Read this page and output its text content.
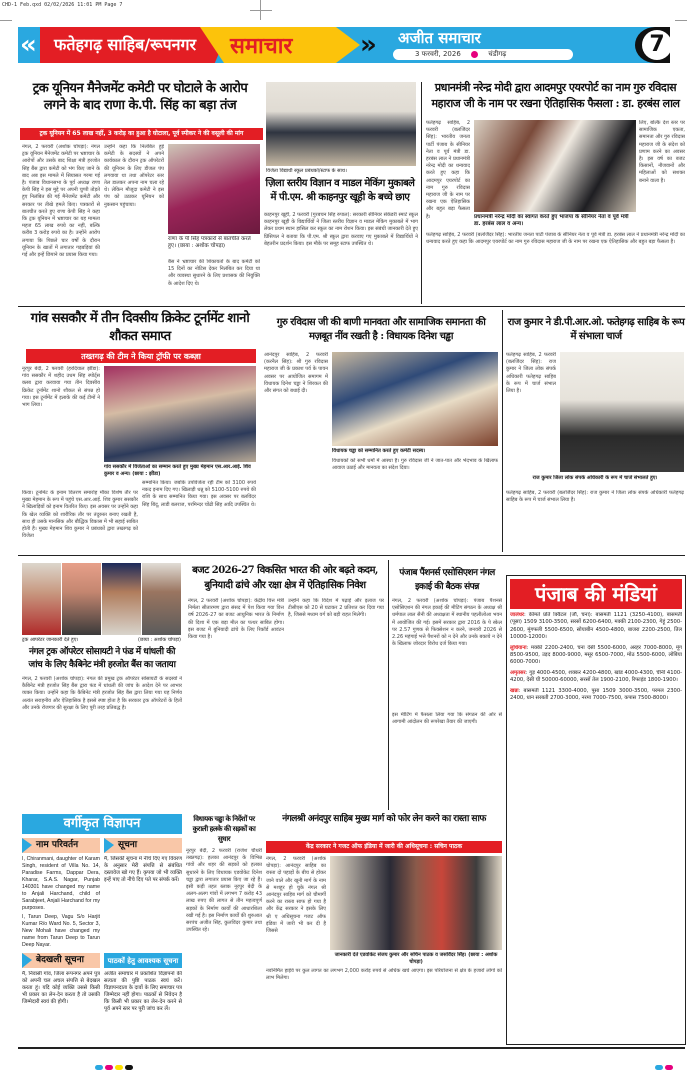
CHD-1 Feb.qxd 02/02/2026 11:01 PM Page 7
« फतेहगढ़ साहिब/रूपनगर समाचार	» अजीत समाचार
3 फरवरी, 2026	चंडीगढ़	7
ट्रक यूनियन मैनेजमेंट कमेटी पर घोटाले के आरोप लगने के बाद राणा के.पी. सिंह का बड़ा तंज
ट्रक यूनियन में 65 लाख नहीं, 3 करोड़ का हुआ है घोटाला, पूर्व स्पीकर ने की वसूली की मांग
नंगल, 2 फरवरी (अशोक चोपड़ा): नंगल ट्रक यूनियन मैनेजमेंट कमेटी पर भ्रष्टाचार के आरोपों और उसके बाद शिक्षा मंत्री हरजोत सिंह बैंस द्वारा कमेटी को भंग किए जाने के बाद अब इस मामले में सियासत गरमा गई है। पंजाब विधानसभा के पूर्व अध्यक्ष राणा केपी सिंह ने इस मुद्दे पर अपनी चुप्पी तोड़ते हुए निलंबित की गई मैनेजमेंट कमेटी और सरकार पर तीखे हमले किए। पत्रकारों से बातचीत करते हुए राणा केपी सिंह ने कहा कि ट्रक यूनियन में भ्रष्टाचार का यह मामला महज 65 लाख रुपये का नहीं, बल्कि करीब 3 करोड़ रुपये का है। उन्होंने आरोप लगाया कि पिछले चार वर्षों के दौरान यूनियन के खातों में लगातार गड़बड़ियां की गई और इन्हें छिपाने का प्रयास किया गया।
उन्होंने कहा कि निलंबित हुई कमेटी के सदस्यों ने अपने कार्यकाल के दौरान ट्रक ऑपरेटरों की यूनियन के लिए डीजल पंप लगवाया था तथा ऑपरेटर स्तर तेल डालकर अपना नाम चला रहे थे। लेकिन मौजूदा कमेटी ने इस पंप को उठाकर यूनियन को नुकसान पहुंचाया।
राणा के पी सिंह पत्रकारों से बातचीत करते हुए। (छाया : अशोक चोपड़ा)
बैंस ने भ्रष्टाचार की शिकायतों के बाद कमेटी को 15 दिनों का नोटिस देकर निलंबित कर दिया था और व्यवस्था सुधारने के लिए प्रशासक की नियुक्ति के आदेश दिए थे।
विजेता विद्यार्थी स्कूल प्रबंधकों/स्टाफ के साथ।
ज़िला स्तरीय विज्ञान व माडल मेकिंग मुकाबले में पी.एम. श्री काहनपुर खूही के बच्चे छाए
काहनपुर खूही, 2 फरवरी (गुरबचन सिंह रुपाल): सरकारी सीनियर सेकेंडरी स्मार्ट स्कूल काहनपुर खूही के विद्यार्थियों ने जिला स्तरीय विज्ञान व माडल मेकिंग मुकाबले में भाग लेकर प्रथम स्थान हासिल कर स्कूल का नाम रोशन किया। इस संबंधी जानकारी देते हुए प्रिंसिपल ने बताया कि पी.एम. श्री स्कूल द्वारा करवाए गए मुकाबले में विद्यार्थियों ने बेहतरीन प्रदर्शन किया। इस मौके पर समूह स्टाफ उपस्थित थे।
प्रधानमंत्री नरेन्द्र मोदी द्वारा आदमपुर एयरपोर्ट का नाम गुरु रविदास महाराज जी के नाम पर रखना ऐतिहासिक फैसला : डा. हरबंस लाल
फतेहगढ़ साहिब, 2 फरवरी (बलजिंदर सिंह): भारतीय जनता पार्टी पंजाब के सीनियर नेता व पूर्व मंत्री डा. हरबंस लाल ने प्रधानमंत्री नरेन्द्र मोदी का धन्यवाद करते हुए कहा कि आदमपुर एयरपोर्ट का नाम गुरु रविदास महाराज जी के नाम पर रखना एक ऐतिहासिक और बहुत बड़ा फैसला है।	प्रधानमंत्री नरेन्द्र मोदी का स्वागत करते हुए भाजपा के सीनियर नेता व पूर्व मंत्री डा. हरबंस लाल व अन्य।
लिए, बल्कि देश स्तर पर सामाजिक एकता, समानता और गुरु रविदास महाराज जी के संदेश को प्रणाम करने का अवसर है। इस वर्ष का बजट किसानों, नौजवानों और महिलाओं को सशक्त बनाने वाला है।
फतेहगढ़ साहिब, 2 फरवरी (बलजिंदर सिंह): भारतीय जनता पार्टी पंजाब के सीनियर नेता व पूर्व मंत्री डा. हरबंस लाल ने प्रधानमंत्री नरेन्द्र मोदी का धन्यवाद करते हुए कहा कि आदमपुर एयरपोर्ट का नाम गुरु रविदास महाराज जी के नाम पर रखना एक ऐतिहासिक और बहुत बड़ा फैसला है।
गांव ससकौर में तीन दिवसीय क्रिकेट टूर्नामेंट शानो शौकत समाप्त
तख्तगढ़ की टीम ने किया ट्रॉफी पर कब्ज़ा
नूरपुर बेदी, 2 फरवरी (हरदियाल झींडा): गांव ससकौर में शहीद उधम सिंह स्पोर्ट्स क्लब द्वारा करवाया गया तीन दिवसीय क्रिकेट टूर्नामेंट शानो शौकत से संपन्न हो गया। इस टूर्नामेंट में इलाके की कई टीमों ने भाग लिया।
गांव ससकौर में विजेताओं का सम्मान करते हुए मुख्य मेहमान एस.आर.आई. शिव कुमार व अन्य। (छाया : झींडा)
किया। टूर्नामेंट के इनाम वितरण समारोह मौका विशेष तौर पर मुख्य मेहमान के रूप में पहुंचे एस.आर.आई. शिव कुमार ससकौर ने खिलाड़ियों को इनाम वितरित किए। इस अवसर पर उन्होंने कहा कि खेल व्यक्ति को शारीरिक तौर पर तंदुरुस्त बनाए रखती है, साथ ही उसके मानसिक और बौद्धिक विकास में भी सहाई साबित होती है। मुख्य मेहमान शिव कुमार ने प्रबंधकों द्वारा तख्तगढ़ को विजेता
सम्मानित किया। जबकि उपविजेता रही टीम को 3100 रुपये नकद इनाम दिए गए। खिलाड़ी धन्नू को 5100-5100 रुपये की राशि के साथ सम्मानित किया गया। इस अवसर पर बलविंदर सिंह बिंदू, लाडी बलराज, परमिन्दर चोंढी सिंह आदि उपस्थित थे।
गुरु रविदास जी की बाणी मानवता और सामाजिक समानता की मज़बूत नींव रखती है : विधायक दिनेश चड्ढा
आनंदपुर साहिब, 2 फरवरी (करनैल सिंह): श्री गुरु रविदास महाराज जी के प्रकाश पर्व के पावन अवसर पर आयोजित समागम में विधायक दिनेश चड्ढा ने शिरकत की और संगत को बधाई दी।
विधायक चड्ढा को सम्मानित करते हुए कमेटी सदस्य।
विधायकों को सभी धर्मों में आस्था है। गुरु रविदास जी ने जात-पात और भेदभाव के खिलाफ आवाज उठाई और मानवता का संदेश दिया।
राज कुमार ने डी.पी.आर.ओ. फतेहगढ़ साहिब के रूप में संभाला चार्ज
फतेहगढ़ साहिब, 2 फरवरी (बलजिंदर सिंह): राज कुमार ने जिला लोक संपर्क अधिकारी फतेहगढ़ साहिब के रूप में चार्ज संभाल लिया है।
राज कुमार जिला लोक संपर्क अधिकारी के रूप में चार्ज संभालते हुए।
फतेहगढ़ साहिब, 2 फरवरी (बलजिंदर सिंह): राज कुमार ने जिला लोक संपर्क अधिकारी फतेहगढ़ साहिब के रूप में चार्ज संभाल लिया है।
ट्रक आपरेटर जानकारी देते हुए।	(छाया : अशोक चोपड़ा)
नंगल ट्रक ऑपरेटर सोसायटी ने फंड में धांधली की जांच के लिए कैबिनेट मंत्री हरजोत बैंस का जताया
नंगल, 2 फरवरी (अशोक चोपड़ा): नंगल की प्रमुख ट्रक ऑपरेटर सोसायटी के सदस्यों ने कैबिनेट मंत्री हरजोत सिंह बैंस द्वारा फंड में धांधली की जांच के आदेश देने पर आभार व्यक्त किया। उन्होंने कहा कि कैबिनेट मंत्री हरजोत सिंह बैंस द्वारा लिया गया यह निर्णय अत्यंत सराहनीय और ऐतिहासिक है इससे स्पष्ट होता है कि सरकार ट्रक ऑपरेटरों के हितों और उनके रोजगार की सुरक्षा के लिए पूरी तरह प्रतिबद्ध है।
बजट 2026-27 विकसित भारत की ओर बढ़ते कदम, बुनियादी ढांचे और रक्षा क्षेत्र में ऐतिहासिक निवेश
नंगल, 2 फरवरी (अशोक चोपड़ा): केंद्रीय वित्त मंत्री निर्मला सीतारमण द्वारा संसद में पेश किया गया वित्त वर्ष 2026-27 का बजट आधुनिक भारत के निर्माण की दिशा में एक बड़ा मील का पत्थर साबित होगा। इस बजट में बुनियादी ढांचे के लिए रिकॉर्ड आवंटन किया गया है।
उन्होंने कहा कि विदेश में पढ़ाई और इलाज पर टीसीएस को 20 से घटाकर 2 प्रतिशत कर दिया गया है, जिससे मध्यम वर्ग को बड़ी राहत मिलेगी।
पंजाब पैंशनर्स एसोसिएशन नंगल इकाई की बैठक संपन्न
नंगल, 2 फरवरी (अशोक चोपड़ा): पंजाब पैंशनर्स एसोसिएशन की नंगल इकाई की मीटिंग संगठन के अध्यक्ष श्री धर्मपाल लाल सैनी की अध्यक्षता में स्थानीय पहलीलोआ भवन में आयोजित की गई। इसमें सरकार द्वारा 2016 के पे स्केल पर 2.57 गुणक से फिक्सेशन न करने, जनवरी 2026 से 2.26 महंगाई भत्ते पैंशनरों को न देने और उनके बकाये न देने के खिलाफ जोरदार विरोध दर्ज किया गया।
इस मीटिंग में फैसला लिया गया कि संगठन की ओर से आगामी आंदोलन की रूपरेखा तैयार की जाएगी।
पंजाब की मंडियां
जालंधर: कीमतें प्रति क्विंटल (जौ, चना): बासमती 1121 (3250-4100), बासमती (पूसा) 1509 3100-3500, सरसों 6200-6400, मक्की 2100-2300, गेहूं 2500-2600, मूंगफली 5500-6500, सोयाबीन 4500-4800, बाजरा 2200-2500, तिल 10000-12000।
लुधियाना: मक्की 2200-2400, चना देसी 5500-6000, अरहर 7000-8000, मूंग 8500-9500, उड़द 8000-9000, मसूर 6500-7000, मोठ 5500-6000, लोबिया 6000-7000।
अमृतसर: गुड़ 4000-4500, शक्कर 4200-4800, खांड 4000-4300, चीनी 4100-4200, देसी घी 50000-60000, सरसों तेल 1900-2100, रिफाइंड 1800-1900।
खन्ना: बासमती 1121 3300-4000, पूसा 1509 3000-3500, परमल 2300-2400, धान सरबती 2700-3000, नरमा 7000-7500, कपास 7500-8000।
वर्गीकृत विज्ञापन
नाम परिवर्तन
I, Chiranmani, daughter of Karam Singh, resident of Villa No. 14, Paradise Farms, Dappar Dera, Kharar, S.A.S. Nagar, Punjab 140301 have changed my name to Anjali Harchand, child of Sarabjeet, Anjali Harchand for my purposes.
I, Tarun Deep, Vagu S/o Harjit Kumar R/o Ward No. 5, Sector 3, New Mohali have changed my name from Tarun Deep to Tarun Deep Nayar.
सूचना
मैं, जिसकी सूचना में नीचे दिए गए विवरण के अनुसार मेरी संपत्ति से संबंधित दस्तावेज खो गए हैं। कृपया जो भी व्यक्ति इन्हें पाए तो नीचे दिए पते पर संपर्क करें।
बेदखली सूचना
मैं, निवासी गांव, जिला रूपनगर अपने पुत्र को अपनी चल अचल संपत्ति से बेदखल करता हूं। यदि कोई व्यक्ति उससे किसी भी प्रकार का लेन-देन करता है तो उसकी जिम्मेदारी स्वयं की होगी।
पाठकों हेतु आवश्यक सूचना
अजीत समाचार में प्रकाशित विज्ञापनों की सत्यता की पुष्टि पाठक स्वयं करें। विज्ञापनदाता के दावों के लिए समाचार पत्र जिम्मेदार नहीं होगा। पाठकों से निवेदन है कि किसी भी प्रकार का लेन-देन करने से पूर्व अपने स्तर पर पूरी जांच कर लें।
विधायक चड्ढा के निर्देशों पर कुराली हलके की सड़कों का सुधार
नूरपुर बेदी, 2 फरवरी (राजेश चौधरी तख्तगढ़): हलका आनंदपुर के विभिन्न गांवों और शहर की सड़कों को हलका सुधारने के लिए विधायक एडवोकेट दिनेश चड्ढा द्वारा लगातार प्रयास किए जा रहे हैं। इसी कड़ी तहत ब्लाक नूरपुर बेदी के अलग-अलग गांवों में लगभग 7 करोड़ 43 लाख रुपए की लागत से तीन महत्वपूर्ण सड़कों के निर्माण कार्यों की आधारशिला रखी गई है। इस निर्माण कार्यों की शुरुआत सरपंच अजीत सिंह, कुलविंदर कुमार तथा उपस्थित रहे।
नंगलश्री अनंदपुर साहिब मुख्य मार्ग को फोर लेन करने का रास्ता साफ
केंद्र सरकार ने गजट ऑफ इंडिया में जारी की अधिसूचना : सचिन पाठक
नंगल, 2 फरवरी (अशोक चोपड़ा): आनंदपुर साहिब का रास्ता दो पहाड़ों के बीच से होकर जाने वाले और खूनी मार्ग के नाम से मशहूर हो चुके नंगल श्री आनंदपुर साहिब मार्ग को चौमार्गी करने का रास्ता साफ हो गया है और केंद्र सरकार ने इसके लिए श्री ए अधिसूचना गजट ऑफ इंडिया में जारी भी कर दी है जिससे
जानकारी देते एडवोकेट संजय कुमार और सचिन पाठक व जसविंदर सिंह। (छाया : अशोक चोपड़ा)
नवनिर्मित हाईवे पर कुल लागत का लगभग 2,000 करोड़ रुपये से अधिक खर्च आएगा। इस परियोजना से क्षेत्र के हजारों लोगों को लाभ मिलेगा।
